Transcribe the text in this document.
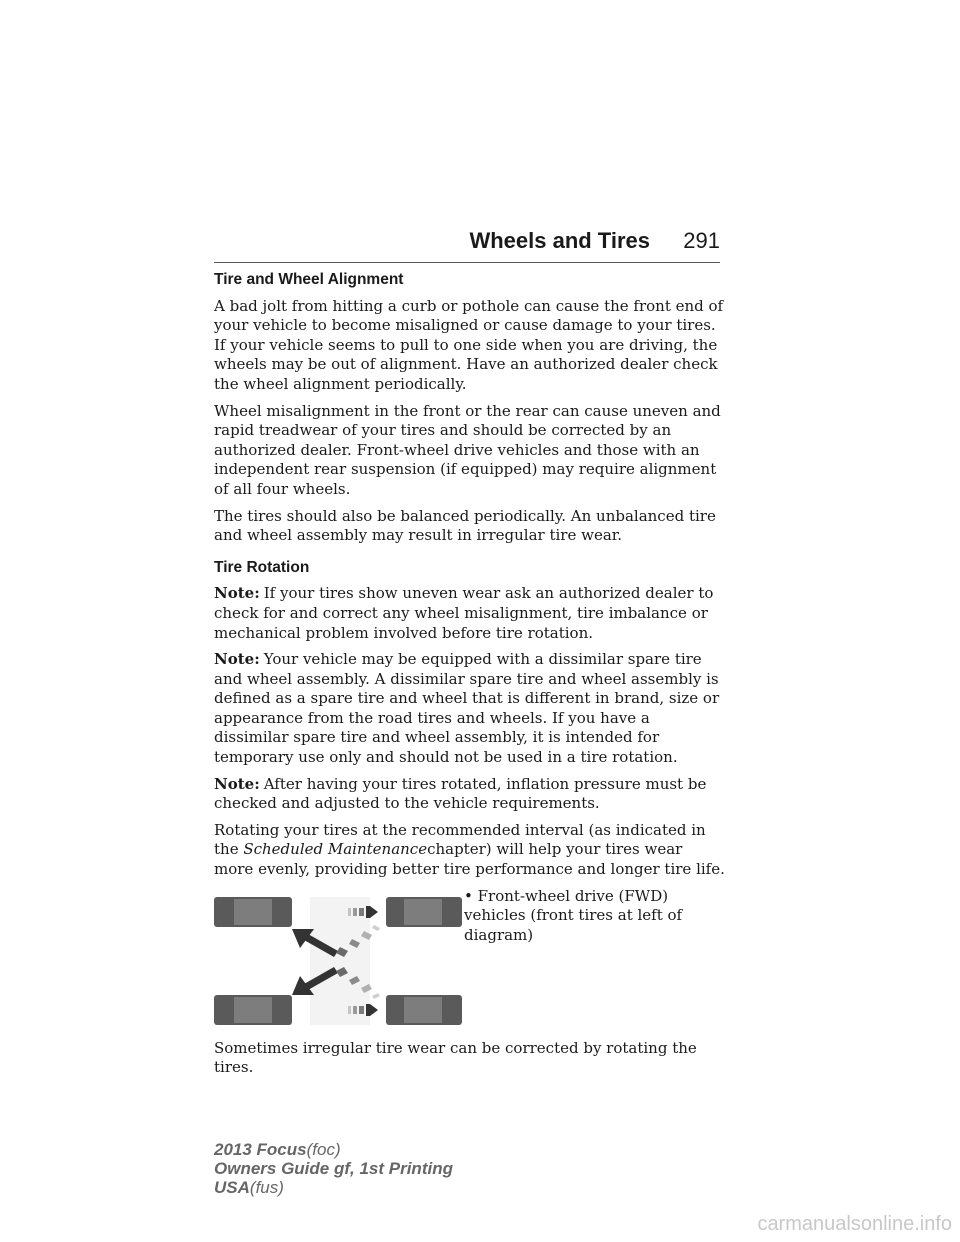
Wheels and Tires 291
Tire and Wheel Alignment

A bad jolt from hitting a curb or pothole can cause the front end of your vehicle to become misaligned or cause damage to your tires. If your vehicle seems to pull to one side when you are driving, the wheels may be out of alignment. Have an authorized dealer check the wheel alignment periodically.

Wheel misalignment in the front or the rear can cause uneven and rapid treadwear of your tires and should be corrected by an authorized dealer. Front-wheel drive vehicles and those with an independent rear suspension (if equipped) may require alignment of all four wheels.

The tires should also be balanced periodically. An unbalanced tire and wheel assembly may result in irregular tire wear.

Tire Rotation

Note: If your tires show uneven wear ask an authorized dealer to check for and correct any wheel misalignment, tire imbalance or mechanical problem involved before tire rotation.

Note: Your vehicle may be equipped with a dissimilar spare tire and wheel assembly. A dissimilar spare tire and wheel assembly is defined as a spare tire and wheel that is different in brand, size or appearance from the road tires and wheels. If you have a dissimilar spare tire and wheel assembly, it is intended for temporary use only and should not be used in a tire rotation.

Note: After having your tires rotated, inflation pressure must be checked and adjusted to the vehicle requirements.

Rotating your tires at the recommended interval (as indicated in the Scheduled Maintenancechapter) will help your tires wear more evenly, providing better tire performance and longer tire life.

• Front-wheel drive (FWD) vehicles (front tires at left of diagram)

Sometimes irregular tire wear can be corrected by rotating the tires.

2013 Focus(foc)
Owners Guide gf, 1st Printing
USA(fus)
carmanualsonline.info
